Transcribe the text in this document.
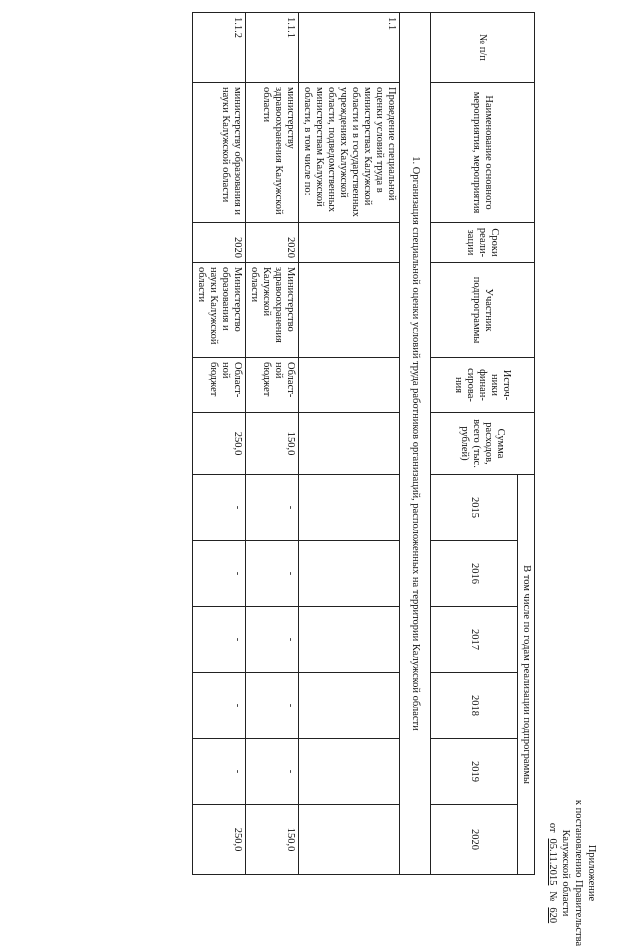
Приложение
к постановлению Правительства
Калужской области
от
05.11.2015
№
620
№ п/п	Наименование основного мероприятия, мероприятия	Сроки реали-зации	Участник подпрограммы	Источ-ники финан-сирова-ния	Сумма расходов, всего (тыс. рублей)	В том числе по годам реализации подпрограммы					
						2015	2016	2017	2018	2019	2020
1. Организация специальной оценки условий труда работников организаций, расположенных на территории Калужской области											
1.1	Проведение специальной оценки условий труда в министерствах Калужской области и в государственных учреждениях Калужской области, подведомственных министерствам Калужской области, в том числе по:										
1.1.1	министерству здравоохранения Калужской области	2020	Министерство здравоохранения Калужской области	Област-ной бюджет	150,0	-	-	-	-	-	150,0
1.1.2	министерству образования и науки Калужской области	2020	Министерство образования и науки Калужской области	Област-ной бюджет	250,0	-	-	-	-	-	250,0
